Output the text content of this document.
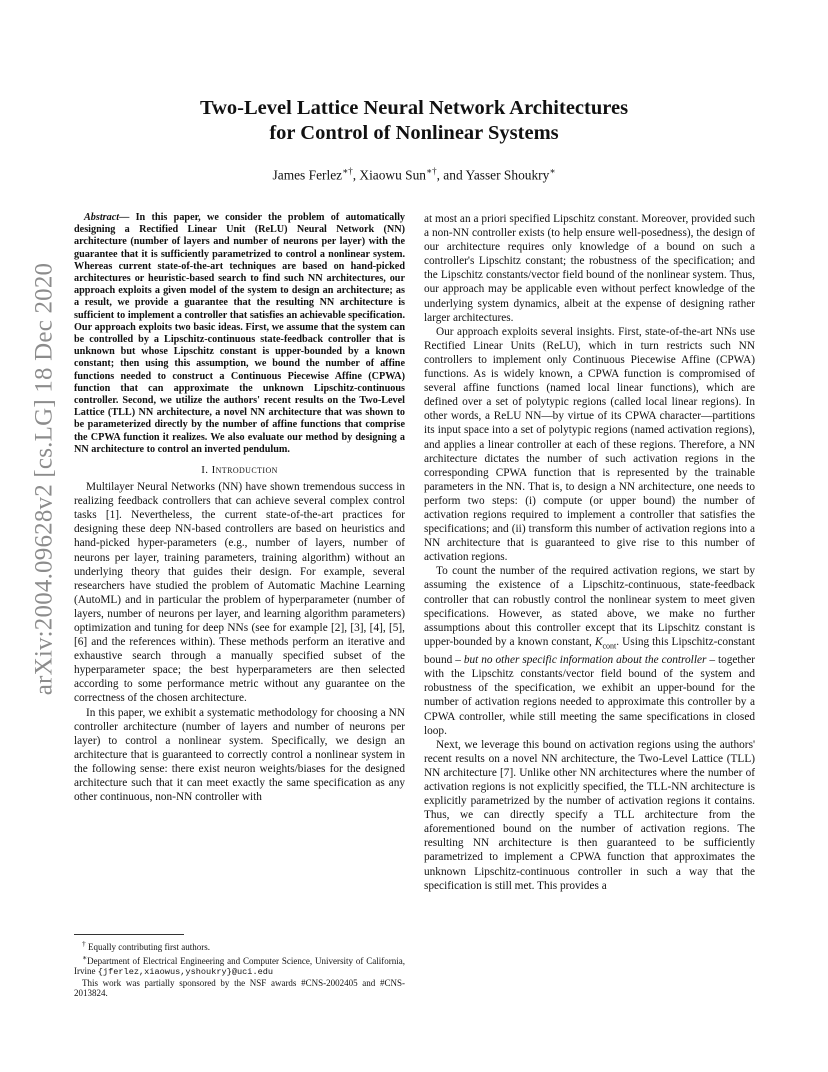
arXiv:2004.09628v2 [cs.LG] 18 Dec 2020
Two-Level Lattice Neural Network Architectures
for Control of Nonlinear Systems
James Ferlez∗†, Xiaowu Sun∗†, and Yasser Shoukry∗

Abstract— In this paper, we consider the problem of automatically designing a Rectified Linear Unit (ReLU) Neural Network (NN) architecture (number of layers and number of neurons per layer) with the guarantee that it is sufficiently parametrized to control a nonlinear system. Whereas current state-of-the-art techniques are based on hand-picked architectures or heuristic-based search to find such NN architectures, our approach exploits a given model of the system to design an architecture; as a result, we provide a guarantee that the resulting NN architecture is sufficient to implement a controller that satisfies an achievable specification. Our approach exploits two basic ideas. First, we assume that the system can be controlled by a Lipschitz-continuous state-feedback controller that is unknown but whose Lipschitz constant is upper-bounded by a known constant; then using this assumption, we bound the number of affine functions needed to construct a Continuous Piecewise Affine (CPWA) function that can approximate the unknown Lipschitz-continuous controller. Second, we utilize the authors' recent results on the Two-Level Lattice (TLL) NN architecture, a novel NN architecture that was shown to be parameterized directly by the number of affine functions that comprise the CPWA function it realizes. We also evaluate our method by designing a NN architecture to control an inverted pendulum.

I. Introduction

Multilayer Neural Networks (NN) have shown tremendous success in realizing feedback controllers that can achieve several complex control tasks [1]. Nevertheless, the current state-of-the-art practices for designing these deep NN-based controllers are based on heuristics and hand-picked hyper-parameters (e.g., number of layers, number of neurons per layer, training parameters, training algorithm) without an underlying theory that guides their design. For example, several researchers have studied the problem of Automatic Machine Learning (AutoML) and in particular the problem of hyperparameter (number of layers, number of neurons per layer, and learning algorithm parameters) optimization and tuning for deep NNs (see for example [2], [3], [4], [5], [6] and the references within). These methods perform an iterative and exhaustive search through a manually specified subset of the hyperparameter space; the best hyperparameters are then selected according to some performance metric without any guarantee on the correctness of the chosen architecture.

In this paper, we exhibit a systematic methodology for choosing a NN controller architecture (number of layers and number of neurons per layer) to control a nonlinear system. Specifically, we design an architecture that is guaranteed to correctly control a nonlinear system in the following sense: there exist neuron weights/biases for the designed architecture such that it can meet exactly the same specification as any other continuous, non-NN controller with

at most an a priori specified Lipschitz constant. Moreover, provided such a non-NN controller exists (to help ensure well-posedness), the design of our architecture requires only knowledge of a bound on such a controller's Lipschitz constant; the robustness of the specification; and the Lipschitz constants/vector field bound of the nonlinear system. Thus, our approach may be applicable even without perfect knowledge of the underlying system dynamics, albeit at the expense of designing rather larger architectures.

Our approach exploits several insights. First, state-of-the-art NNs use Rectified Linear Units (ReLU), which in turn restricts such NN controllers to implement only Continuous Piecewise Affine (CPWA) functions. As is widely known, a CPWA function is compromised of several affine functions (named local linear functions), which are defined over a set of polytypic regions (called local linear regions). In other words, a ReLU NN—by virtue of its CPWA character—partitions its input space into a set of polytypic regions (named activation regions), and applies a linear controller at each of these regions. Therefore, a NN architecture dictates the number of such activation regions in the corresponding CPWA function that is represented by the trainable parameters in the NN. That is, to design a NN architecture, one needs to perform two steps: (i) compute (or upper bound) the number of activation regions required to implement a controller that satisfies the specifications; and (ii) transform this number of activation regions into a NN architecture that is guaranteed to give rise to this number of activation regions.

To count the number of the required activation regions, we start by assuming the existence of a Lipschitz-continuous, state-feedback controller that can robustly control the nonlinear system to meet given specifications. However, as stated above, we make no further assumptions about this controller except that its Lipschitz constant is upper-bounded by a known constant, $K_{cont}$. Using this Lipschitz-constant bound – but no other specific information about the controller – together with the Lipschitz constants/vector field bound of the system and robustness of the specification, we exhibit an upper-bound for the number of activation regions needed to approximate this controller by a CPWA controller, while still meeting the same specifications in closed loop.

Next, we leverage this bound on activation regions using the authors' recent results on a novel NN architecture, the Two-Level Lattice (TLL) NN architecture [7]. Unlike other NN architectures where the number of activation regions is not explicitly specified, the TLL-NN architecture is explicitly parametrized by the number of activation regions it contains. Thus, we can directly specify a TLL architecture from the aforementioned bound on the number of activation regions. The resulting NN architecture is then guaranteed to be sufficiently parametrized to implement a CPWA function that approximates the unknown Lipschitz-continuous controller in such a way that the specification is still met. This provides a

† Equally contributing first authors.

∗Department of Electrical Engineering and Computer Science, University of California, Irvine {jferlez,xiaowus,yshoukry}@uci.edu

This work was partially sponsored by the NSF awards #CNS-2002405 and #CNS-2013824.
